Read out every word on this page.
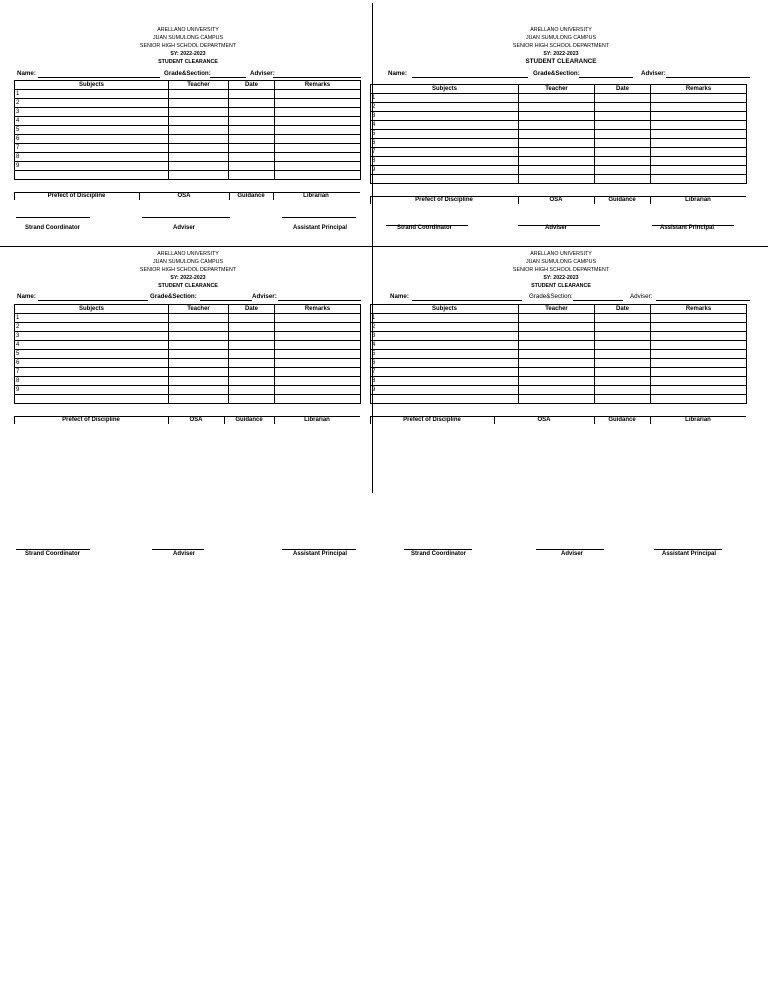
ARELLANO UNIVERSITY
JUAN SUMULONG CAMPUS
SENIOR HIGH SCHOOL DEPARTMENT
SY: 2022-2023
STUDENT CLEARANCE
Name:	Grade&Section:	Adviser:
Subjects	Teacher	Date	Remarks
1			
2			
3			
4			
5			
6			
7			
8			
9			

Prefect of Discipline	OSA	Guidance	Librarian
Strand Coordinator	Adviser	Assistant Principal
ARELLANO UNIVERSITY
JUAN SUMULONG CAMPUS
SENIOR HIGH SCHOOL DEPARTMENT
SY: 2022-2023
STUDENT CLEARANCE
Name:	Grade&Section:	Adviser:
Subjects	Teacher	Date	Remarks
1			
2			
3			
4			
5			
6			
7			
8			
9			

Prefect of Discipline	OSA	Guidance	Librarian
Strand Coordinator	Adviser	Assistant Principal
ARELLANO UNIVERSITY
JUAN SUMULONG CAMPUS
SENIOR HIGH SCHOOL DEPARTMENT
SY: 2022-2023
STUDENT CLEARANCE
Name:	Grade&Section:	Adviser:
Subjects	Teacher	Date	Remarks
1			
2			
3			
4			
5			
6			
7			
8			
9			

Prefect of Discipline	OSA	Guidance	Librarian
Strand Coordinator	Adviser	Assistant Principal
ARELLANO UNIVERSITY
JUAN SUMULONG CAMPUS
SENIOR HIGH SCHOOL DEPARTMENT
SY: 2022-2023
STUDENT CLEARANCE
Name:	Grade&Section:	Adviser:
Subjects	Teacher	Date	Remarks
1			
2			
3			
4			
5			
6			
7			
8			
9			

Prefect of Discipline	OSA	Guidance	Librarian
Strand Coordinator	Adviser	Assistant Principal
